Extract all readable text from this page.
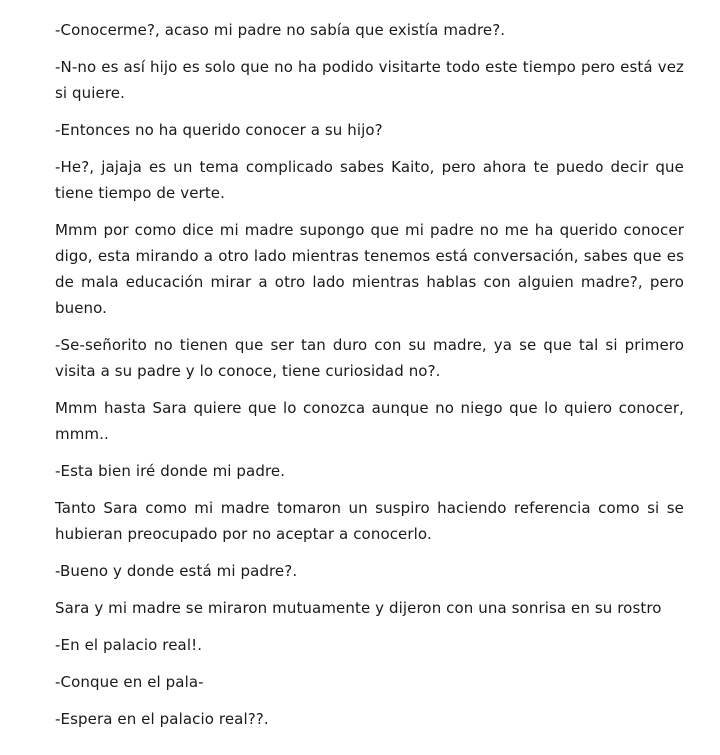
-Conocerme?, acaso mi padre no sabía que existía madre?.

-N-no es así hijo es solo que no ha podido visitarte todo este tiempo pero está vez si quiere.

-Entonces no ha querido conocer a su hijo?

-He?, jajaja es un tema complicado sabes Kaito, pero ahora te puedo decir que tiene tiempo de verte.

Mmm por como dice mi madre supongo que mi padre no me ha querido conocer digo, esta mirando a otro lado mientras tenemos está conversación, sabes que es de mala educación mirar a otro lado mientras hablas con alguien madre?, pero bueno.

-Se-señorito no tienen que ser tan duro con su madre, ya se que tal si primero visita a su padre y lo conoce, tiene curiosidad no?.

Mmm hasta Sara quiere que lo conozca aunque no niego que lo quiero conocer, mmm..

-Esta bien iré donde mi padre.

Tanto Sara como mi madre tomaron un suspiro haciendo referencia como si se hubieran preocupado por no aceptar a conocerlo.

-Bueno y donde está mi padre?.

Sara y mi madre se miraron mutuamente y dijeron con una sonrisa en su rostro

-En el palacio real!.

-Conque en el pala-

-Espera en el palacio real??.
